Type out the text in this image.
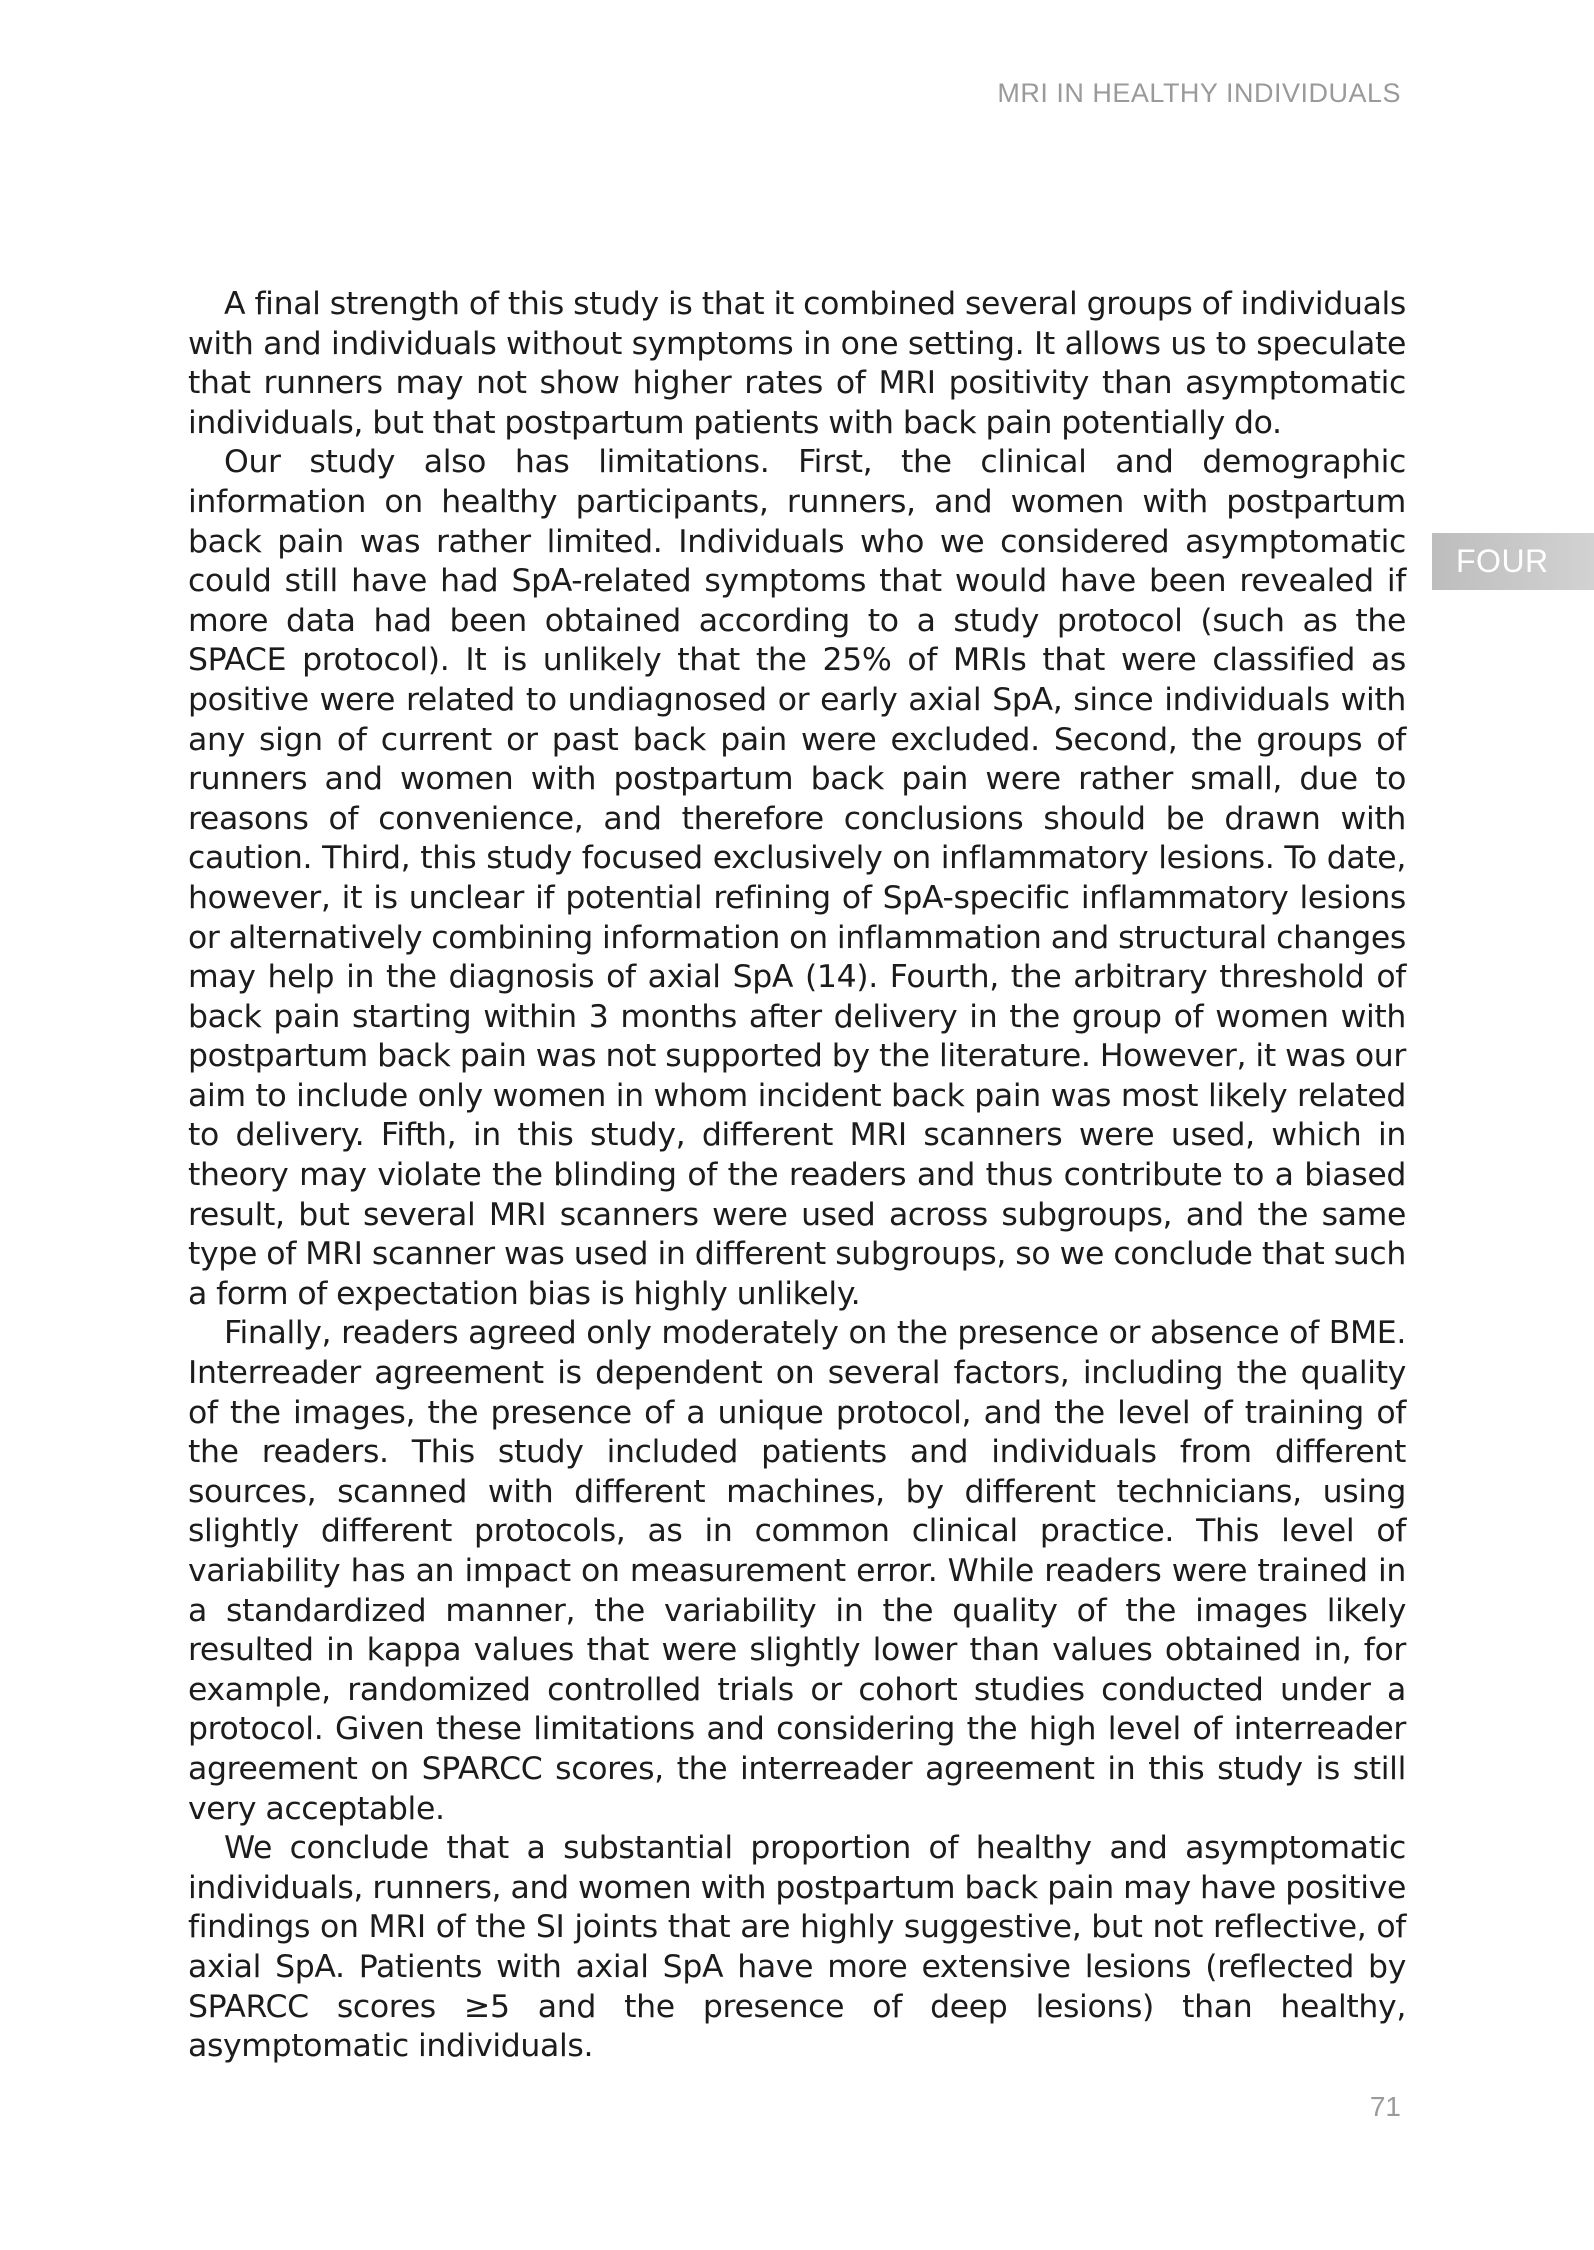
MRI IN HEALTHY INDIVIDUALS
FOUR

A final strength of this study is that it combined several groups of individuals with and individuals without symptoms in one setting. It allows us to speculate that runners may not show higher rates of MRI positivity than asymptomatic individuals, but that postpartum patients with back pain potentially do.

Our study also has limitations. First, the clinical and demographic information on healthy participants, runners, and women with postpartum back pain was rather limited. Individuals who we considered asymptomatic could still have had SpA-related symptoms that would have been revealed if more data had been obtained according to a study protocol (such as the SPACE protocol). It is unlikely that the 25% of MRIs that were classified as positive were related to undiagnosed or early axial SpA, since individuals with any sign of current or past back pain were excluded. Second, the groups of runners and women with postpartum back pain were rather small, due to reasons of convenience, and therefore conclusions should be drawn with caution. Third, this study focused exclusively on inflammatory lesions. To date, however, it is unclear if potential refining of SpA-specific inflammatory lesions or alternatively combining information on inflammation and structural changes may help in the diagnosis of axial SpA (14). Fourth, the arbitrary threshold of back pain starting within 3 months after delivery in the group of women with postpartum back pain was not supported by the literature. However, it was our aim to include only women in whom incident back pain was most likely related to delivery. Fifth, in this study, different MRI scanners were used, which in theory may violate the blinding of the readers and thus contribute to a biased result, but several MRI scanners were used across subgroups, and the same type of MRI scanner was used in different subgroups, so we conclude that such a form of expectation bias is highly unlikely.

Finally, readers agreed only moderately on the presence or absence of BME. Interreader agreement is dependent on several factors, including the quality of the images, the presence of a unique protocol, and the level of training of the readers. This study included patients and individuals from different sources, scanned with different machines, by different technicians, using slightly different protocols, as in common clinical practice. This level of variability has an impact on measurement error. While readers were trained in a standardized manner, the variability in the quality of the images likely resulted in kappa values that were slightly lower than values obtained in, for example, randomized controlled trials or cohort studies conducted under a protocol. Given these limitations and considering the high level of interreader agreement on SPARCC scores, the interreader agreement in this study is still very acceptable.

We conclude that a substantial proportion of healthy and asymptomatic individuals, runners, and women with postpartum back pain may have positive findings on MRI of the SI joints that are highly suggestive, but not reflective, of axial SpA. Patients with axial SpA have more extensive lesions (reflected by SPARCC scores ≥5 and the presence of deep lesions) than healthy, asymptomatic individuals.

71
